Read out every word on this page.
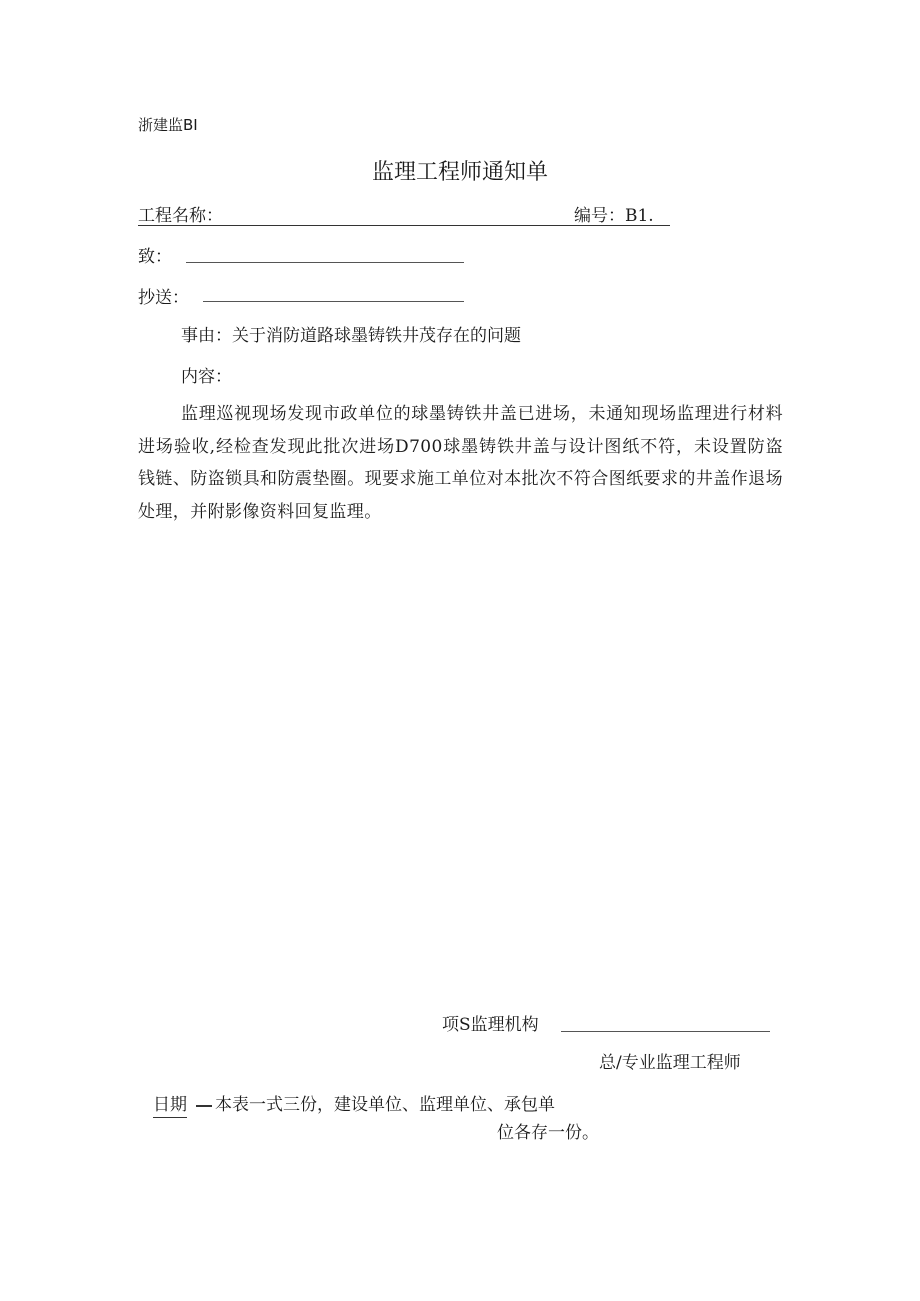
浙建监BI
监理工程师通知单
工程名称：	编号：B1.
致：
抄送：
事由：关于消防道路球墨铸铁井茂存在的问题
内容：
监理巡视现场发现市政单位的球墨铸铁井盖已进场，未通知现场监理进行材料进场验收,经检查发现此批次进场D700球墨铸铁井盖与设计图纸不符，未设置防盗钱链、防盗锁具和防震垫圈。现要求施工单位对本批次不符合图纸要求的井盖作退场处理，并附影像资料回复监理。
项S监理机构
总/专业监理工程师
日期 本表一式三份，建设单位、监理单位、承包单
位各存一份。
